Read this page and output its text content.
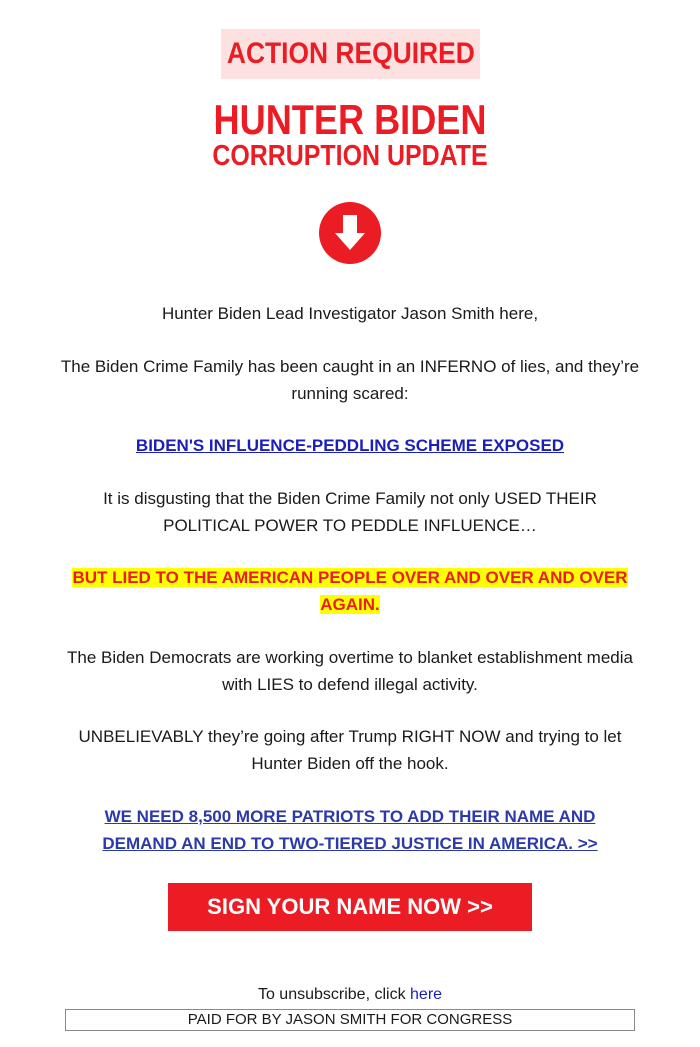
ACTION REQUIRED
HUNTER BIDEN
CORRUPTION UPDATE
Hunter Biden Lead Investigator Jason Smith here,
The Biden Crime Family has been caught in an INFERNO of lies, and they’re running scared:
BIDEN'S INFLUENCE-PEDDLING SCHEME EXPOSED
It is disgusting that the Biden Crime Family not only USED THEIR POLITICAL POWER TO PEDDLE INFLUENCE…
BUT LIED TO THE AMERICAN PEOPLE OVER AND OVER AND OVER AGAIN.
The Biden Democrats are working overtime to blanket establishment media with LIES to defend illegal activity.
UNBELIEVABLY they’re going after Trump RIGHT NOW and trying to let Hunter Biden off the hook.
WE NEED 8,500 MORE PATRIOTS TO ADD THEIR NAME AND DEMAND AN END TO TWO-TIERED JUSTICE IN AMERICA. >>
SIGN YOUR NAME NOW >>
To unsubscribe, click here
PAID FOR BY JASON SMITH FOR CONGRESS
